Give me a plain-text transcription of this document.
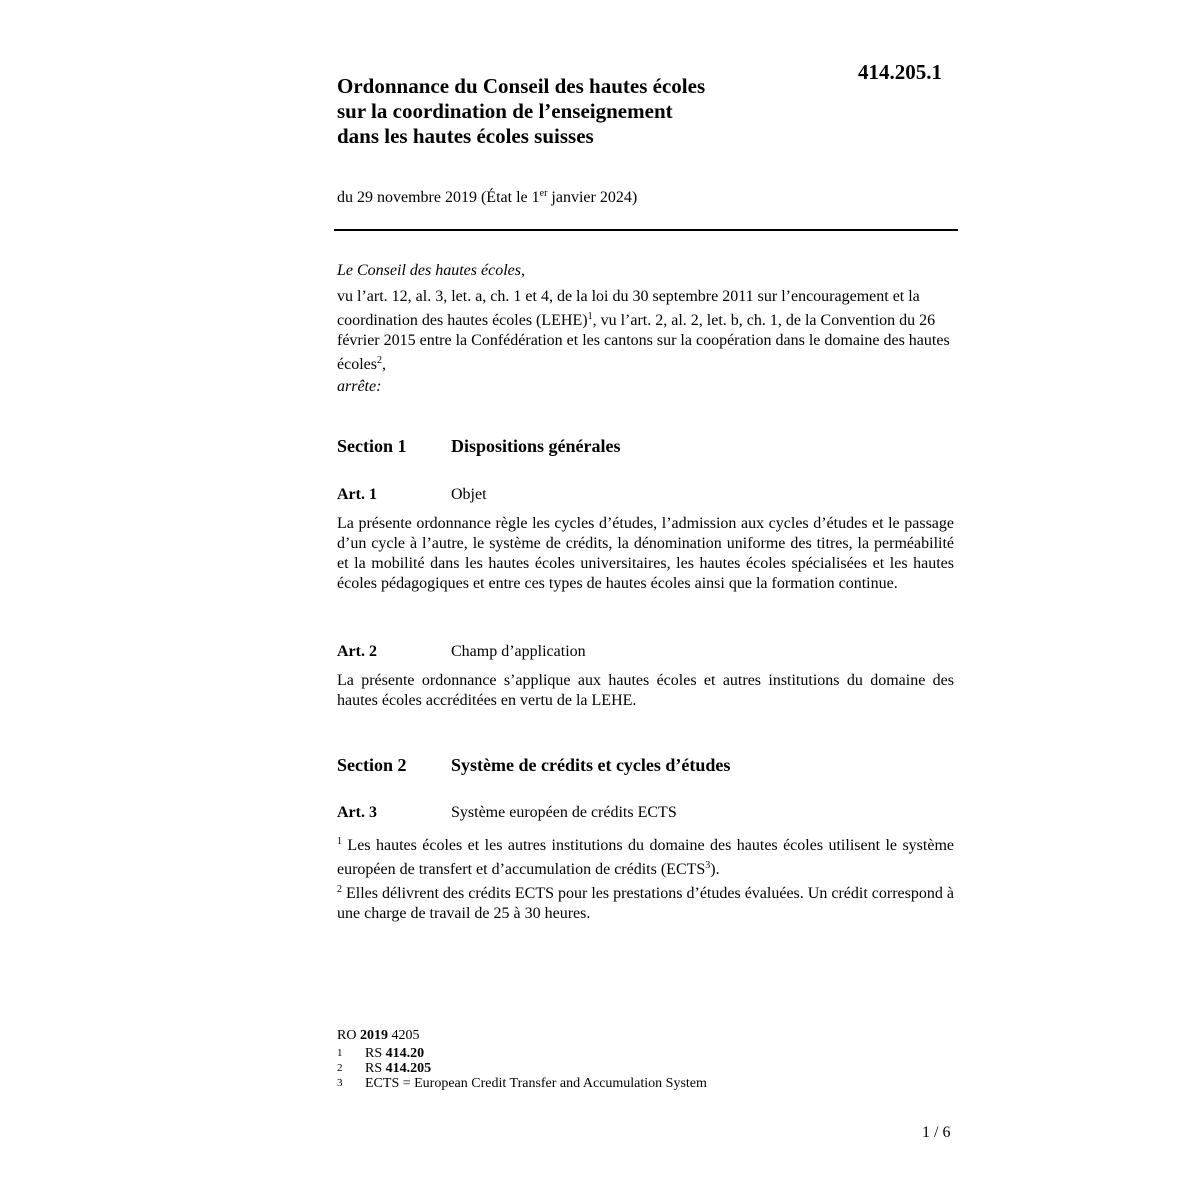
414.205.1
Ordonnance du Conseil des hautes écoles
sur la coordination de l’enseignement
dans les hautes écoles suisses
du 29 novembre 2019 (État le 1er janvier 2024)
Le Conseil des hautes écoles,
vu l’art. 12, al. 3, let. a, ch. 1 et 4, de la loi du 30 septembre 2011 sur l’encouragement et la coordination des hautes écoles (LEHE)$^1$, vu l’art. 2, al. 2, let. b, ch. 1, de la Convention du 26 février 2015 entre la Confédération et les cantons sur la coopération dans le domaine des hautes écoles$^2$,
arrête:
Section 1 Dispositions générales
Art. 1	Objet
La présente ordonnance règle les cycles d’études, l’admission aux cycles d’études et le passage d’un cycle à l’autre, le système de crédits, la dénomination uniforme des titres, la perméabilité et la mobilité dans les hautes écoles universitaires, les hautes écoles spécialisées et les hautes écoles pédagogiques et entre ces types de hautes écoles ainsi que la formation continue.
Art. 2	Champ d’application
La présente ordonnance s’applique aux hautes écoles et autres institutions du domaine des hautes écoles accréditées en vertu de la LEHE.
Section 2 Système de crédits et cycles d’études
Art. 3	Système européen de crédits ECTS
$^1$ Les hautes écoles et les autres institutions du domaine des hautes écoles utilisent le système européen de transfert et d’accumulation de crédits (ECTS$^3$).
$^2$ Elles délivrent des crédits ECTS pour les prestations d’études évaluées. Un crédit correspond à une charge de travail de 25 à 30 heures.
RO 2019 4205
1	RS 414.20
2	RS 414.205
3	ECTS = European Credit Transfer and Accumulation System
1 / 6
